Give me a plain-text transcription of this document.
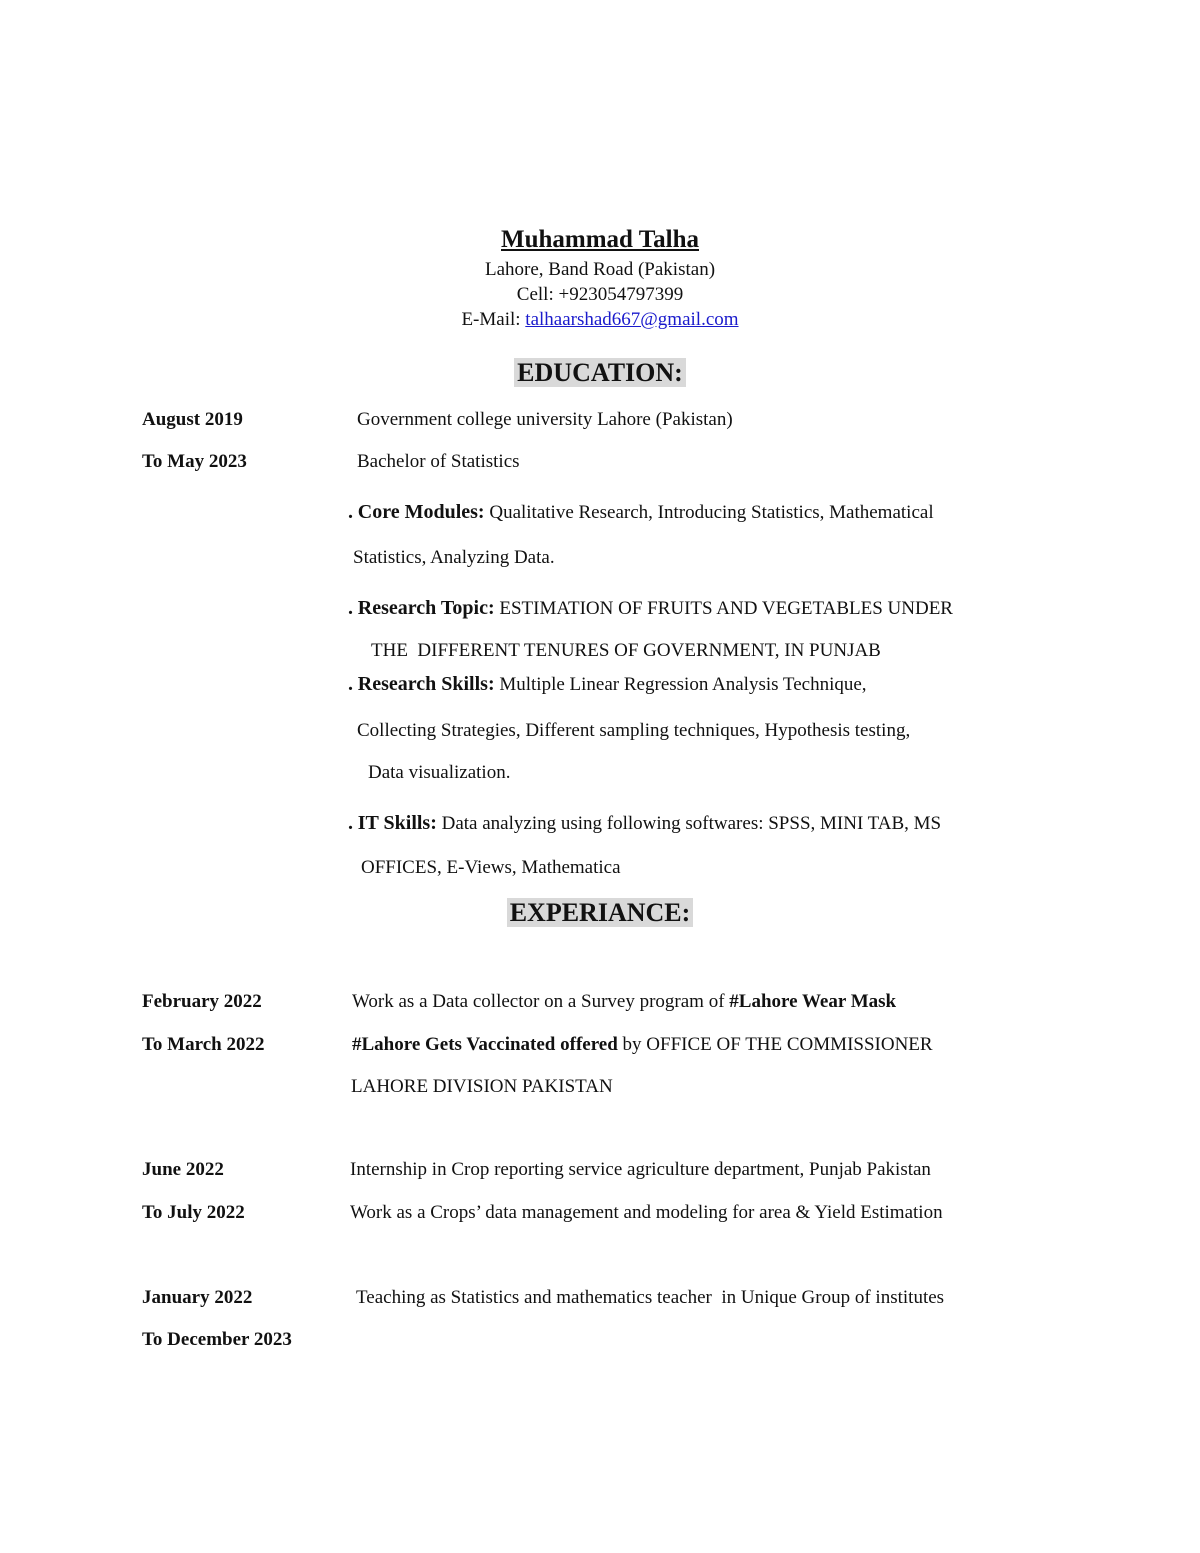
Muhammad Talha
Lahore, Band Road (Pakistan)
Cell: +923054797399
E-Mail: talhaarshad667@gmail.com
EDUCATION:
August 2019
To May 2023
Government college university Lahore (Pakistan)
Bachelor of Statistics
. Core Modules: Qualitative Research, Introducing Statistics, Mathematical
Statistics, Analyzing Data.
. Research Topic: ESTIMATION OF FRUITS AND VEGETABLES UNDER
THE  DIFFERENT TENURES OF GOVERNMENT, IN PUNJAB
. Research Skills: Multiple Linear Regression Analysis Technique,
Collecting Strategies, Different sampling techniques, Hypothesis testing,
Data visualization.
. IT Skills: Data analyzing using following softwares: SPSS, MINI TAB, MS
OFFICES, E-Views, Mathematica
EXPERIANCE:
February 2022
To March 2022
Work as a Data collector on a Survey program of #Lahore Wear Mask
#Lahore Gets Vaccinated offered by OFFICE OF THE COMMISSIONER
LAHORE DIVISION PAKISTAN
June 2022
To July 2022
Internship in Crop reporting service agriculture department, Punjab Pakistan
Work as a Crops’ data management and modeling for area & Yield Estimation
January 2022
To December 2023
Teaching as Statistics and mathematics teacher  in Unique Group of institutes
